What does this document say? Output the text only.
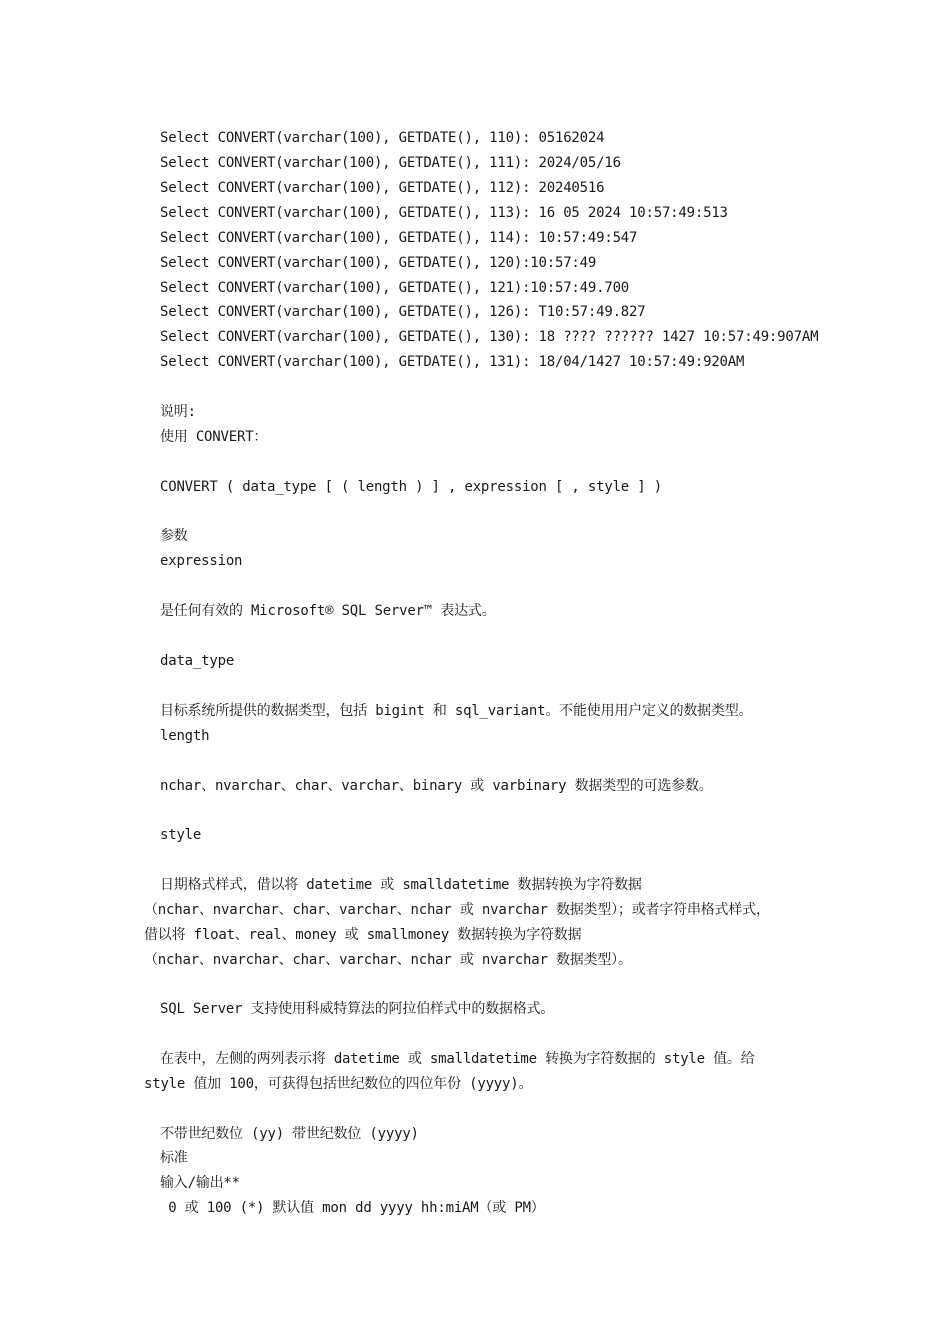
Select CONVERT(varchar(100), GETDATE(), 110): 05162024
Select CONVERT(varchar(100), GETDATE(), 111): 2024/05/16
Select CONVERT(varchar(100), GETDATE(), 112): 20240516
Select CONVERT(varchar(100), GETDATE(), 113): 16 05 2024 10:57:49:513
Select CONVERT(varchar(100), GETDATE(), 114): 10:57:49:547
Select CONVERT(varchar(100), GETDATE(), 120):10:57:49
Select CONVERT(varchar(100), GETDATE(), 121):10:57:49.700
Select CONVERT(varchar(100), GETDATE(), 126): T10:57:49.827
Select CONVERT(varchar(100), GETDATE(), 130): 18 ???? ?????? 1427 10:57:49:907AM
Select CONVERT(varchar(100), GETDATE(), 131): 18/04/1427 10:57:49:920AM
说明:
使用 CONVERT：
CONVERT ( data_type [ ( length ) ] , expression [ , style ] )
参数
expression
是任何有效的 Microsoft® SQL Server™ 表达式。
data_type
目标系统所提供的数据类型，包括 bigint 和 sql_variant。不能使用用户定义的数据类型。
length
nchar、nvarchar、char、varchar、binary 或 varbinary 数据类型的可选参数。
style
日期格式样式，借以将 datetime 或 smalldatetime 数据转换为字符数据
（nchar、nvarchar、char、varchar、nchar 或 nvarchar 数据类型）；或者字符串格式样式，
借以将 float、real、money 或 smallmoney 数据转换为字符数据
（nchar、nvarchar、char、varchar、nchar 或 nvarchar 数据类型）。
SQL Server 支持使用科威特算法的阿拉伯样式中的数据格式。
在表中，左侧的两列表示将 datetime 或 smalldatetime 转换为字符数据的 style 值。给
style 值加 100，可获得包括世纪数位的四位年份 (yyyy)。
不带世纪数位 (yy) 带世纪数位 (yyyy)
标准
输入/输出**
0 或 100 (*) 默认值 mon dd yyyy hh:miAM（或 PM）
